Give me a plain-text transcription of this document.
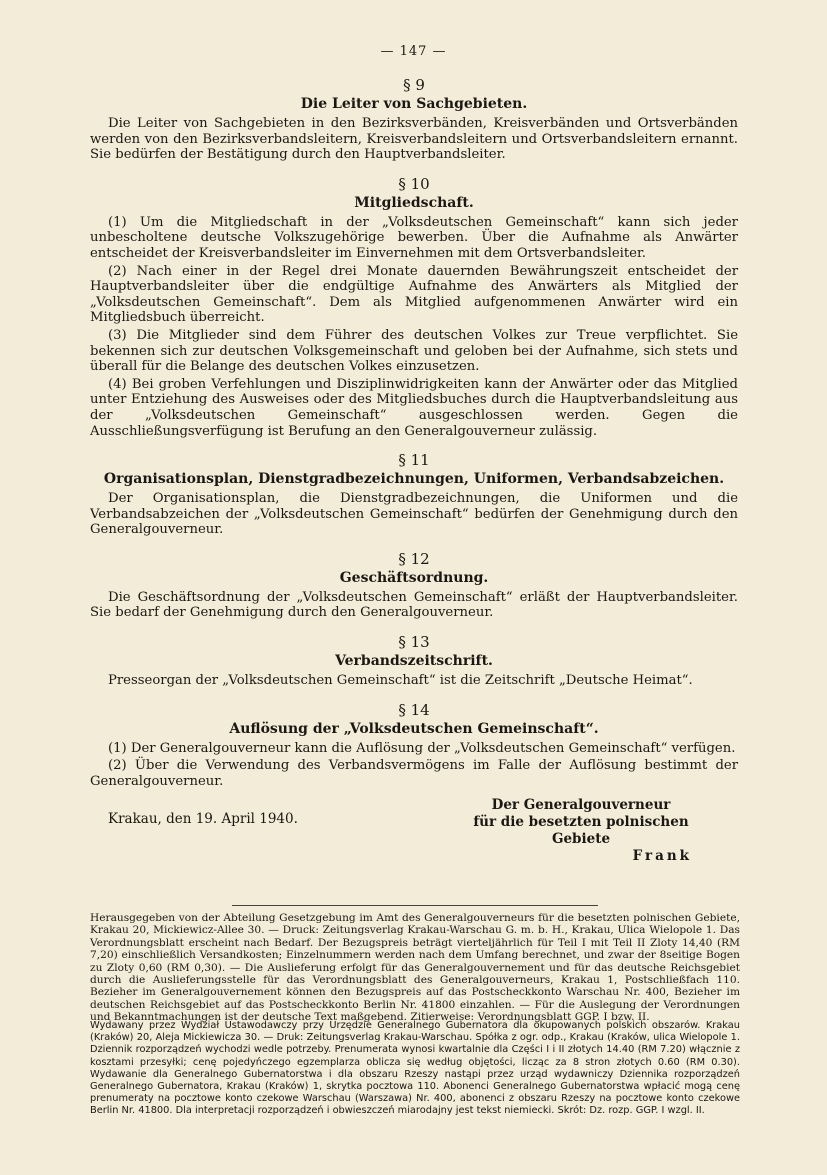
— 147 —
§ 9
Die Leiter von Sachgebieten.

Die Leiter von Sachgebieten in den Bezirksverbänden, Kreisverbänden und Ortsverbänden werden von den Bezirksverbandsleitern, Kreisverbandsleitern und Ortsverbandsleitern ernannt. Sie bedürfen der Bestätigung durch den Hauptverbandsleiter.

§ 10
Mitgliedschaft.

(1) Um die Mitgliedschaft in der „Volksdeutschen Gemeinschaft“ kann sich jeder unbescholtene deutsche Volkszugehörige bewerben. Über die Aufnahme als Anwärter entscheidet der Kreisverbandsleiter im Einvernehmen mit dem Ortsverbandsleiter.

(2) Nach einer in der Regel drei Monate dauernden Bewährungszeit entscheidet der Hauptverbandsleiter über die endgültige Aufnahme des Anwärters als Mitglied der „Volksdeutschen Gemeinschaft“. Dem als Mitglied aufgenommenen Anwärter wird ein Mitgliedsbuch überreicht.

(3) Die Mitglieder sind dem Führer des deutschen Volkes zur Treue verpflichtet. Sie bekennen sich zur deutschen Volksgemeinschaft und geloben bei der Aufnahme, sich stets und überall für die Belange des deutschen Volkes einzusetzen.

(4) Bei groben Verfehlungen und Disziplinwidrigkeiten kann der Anwärter oder das Mitglied unter Entziehung des Ausweises oder des Mitgliedsbuches durch die Hauptverbandsleitung aus der „Volksdeutschen Gemeinschaft“ ausgeschlossen werden. Gegen die Ausschließungsverfügung ist Berufung an den Generalgouverneur zulässig.

§ 11
Organisationsplan, Dienstgradbezeichnungen, Uniformen, Verbandsabzeichen.

Der Organisationsplan, die Dienstgradbezeichnungen, die Uniformen und die Verbandsabzeichen der „Volksdeutschen Gemeinschaft“ bedürfen der Genehmigung durch den Generalgouverneur.

§ 12
Geschäftsordnung.

Die Geschäftsordnung der „Volksdeutschen Gemeinschaft“ erläßt der Hauptverbandsleiter. Sie bedarf der Genehmigung durch den Generalgouverneur.

§ 13
Verbandszeitschrift.

Presseorgan der „Volksdeutschen Gemeinschaft“ ist die Zeitschrift „Deutsche Heimat“.

§ 14
Auflösung der „Volksdeutschen Gemeinschaft“.

(1) Der Generalgouverneur kann die Auflösung der „Volksdeutschen Gemeinschaft“ verfügen.

(2) Über die Verwendung des Verbandsvermögens im Falle der Auflösung bestimmt der Generalgouverneur.

Krakau, den 19. April 1940.
Der Generalgouverneur
für die besetzten polnischen Gebiete
Frank
Herausgegeben von der Abteilung Gesetzgebung im Amt des Generalgouverneurs für die besetzten polnischen Gebiete, Krakau 20, Mickiewicz-Allee 30. — Druck: Zeitungsverlag Krakau-Warschau G. m. b. H., Krakau, Ulica Wielopole 1. Das Verordnungsblatt erscheint nach Bedarf. Der Bezugspreis beträgt vierteljährlich für Teil I mit Teil II Zloty 14,40 (RM 7,20) einschließlich Versandkosten; Einzelnummern werden nach dem Umfang berechnet, und zwar der 8seitige Bogen zu Zloty 0,60 (RM 0,30). — Die Auslieferung erfolgt für das Generalgouvernement und für das deutsche Reichsgebiet durch die Auslieferungsstelle für das Verordnungsblatt des Generalgouverneurs, Krakau 1, Postschließfach 110. Bezieher im Generalgouvernement können den Bezugspreis auf das Postscheckkonto Warschau Nr. 400, Bezieher im deutschen Reichsgebiet auf das Postscheckkonto Berlin Nr. 41800 einzahlen. — Für die Auslegung der Verordnungen und Bekanntmachungen ist der deutsche Text maßgebend. Zitierweise: Verordnungsblatt GGP. I bzw. II.
Wydawany przez Wydział Ustawodawczy przy Urzędzie Generalnego Gubernatora dla okupowanych polskich obszarów. Krakau (Kraków) 20, Aleja Mickiewicza 30. — Druk: Zeitungsverlag Krakau-Warschau. Spółka z ogr. odp., Krakau (Kraków, ulica Wielopole 1. Dziennik rozporządzeń wychodzi wedle potrzeby. Prenumerata wynosi kwartalnie dla Części I i II złotych 14.40 (RM 7.20) włącznie z kosztami przesyłki; cenę pojedyńczego egzemplarza oblicza się według objętości, licząc za 8 stron złotych 0.60 (RM 0.30). Wydawanie dla Generalnego Gubernatorstwa i dla obszaru Rzeszy nastąpi przez urząd wydawniczy Dziennika rozporządzeń Generalnego Gubernatora, Krakau (Kraków) 1, skrytka pocztowa 110. Abonenci Generalnego Gubernatorstwa wpłacić mogą cenę prenumeraty na pocztowe konto czekowe Warschau (Warszawa) Nr. 400, abonenci z obszaru Rzeszy na pocztowe konto czekowe Berlin Nr. 41800. Dla interpretacji rozporządzeń i obwieszczeń miarodajny jest tekst niemiecki. Skrót: Dz. rozp. GGP. I wzgl. II.
